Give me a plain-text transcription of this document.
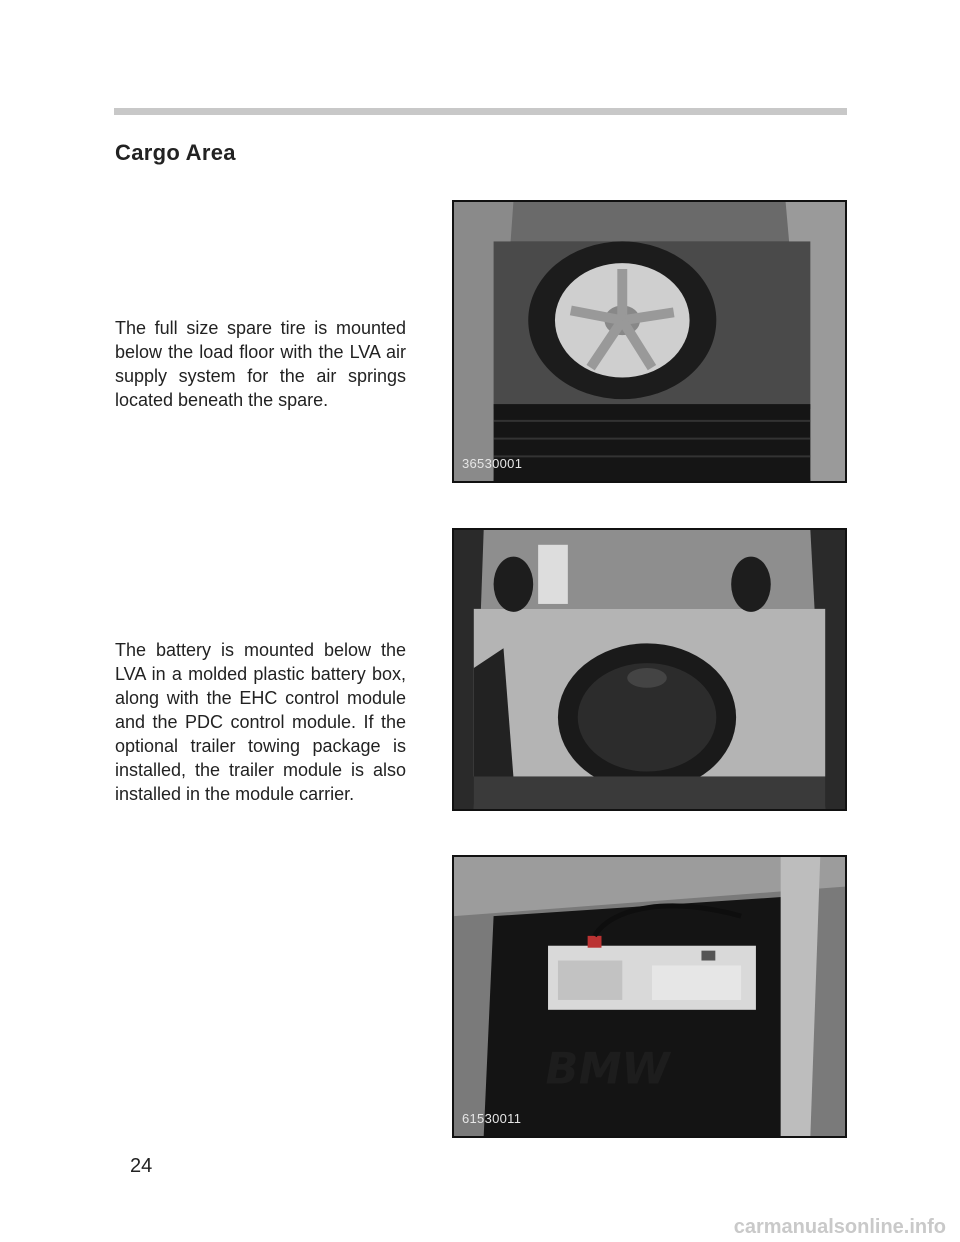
Cargo Area

The full size spare tire is mounted below the load floor with the LVA air supply system for the air springs located beneath the spare.

The battery is mounted below the LVA in a molded plastic battery box, along with the EHC control module and the PDC control module. If the optional trailer towing package is installed, the trailer module is also installed in the module carrier.

36530001
BMW
61530011
24
carmanualsonline.info
